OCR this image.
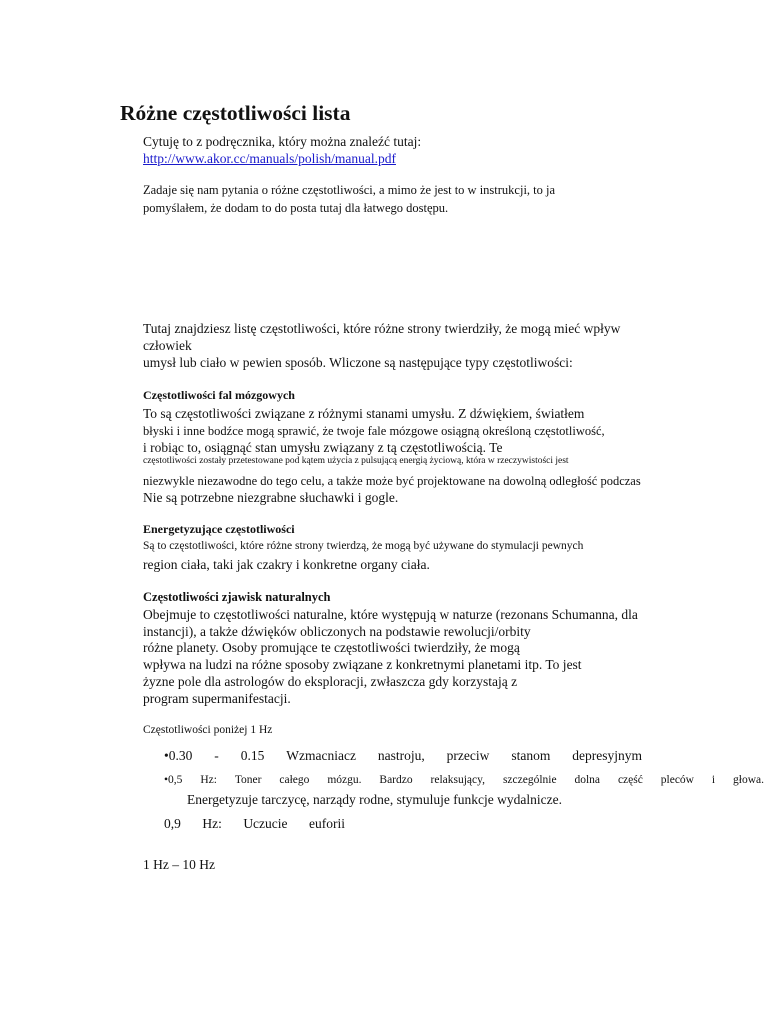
Różne częstotliwości lista
Cytuję to z podręcznika, który można znaleźć tutaj:
http://www.akor.cc/manuals/polish/manual.pdf
Zadaje się nam pytania o różne częstotliwości, a mimo że jest to w instrukcji, to ja
pomyślałem, że dodam to do posta tutaj dla łatwego dostępu.
Tutaj znajdziesz listę częstotliwości, które różne strony twierdziły, że mogą mieć wpływ
człowiek
umysł lub ciało w pewien sposób. Wliczone są następujące typy częstotliwości:
Częstotliwości fal mózgowych
To są częstotliwości związane z różnymi stanami umysłu. Z dźwiękiem, światłem
błyski i inne bodźce mogą sprawić, że twoje fale mózgowe osiągną określoną częstotliwość,
i robiąc to, osiągnąć stan umysłu związany z tą częstotliwością. Te
częstotliwości zostały przetestowane pod kątem użycia z pulsującą energią życiową, która w rzeczywistości jest
niezwykle niezawodne do tego celu, a także może być projektowane na dowolną odległość podczas
Nie są potrzebne niezgrabne słuchawki i gogle.
Energetyzujące częstotliwości
Są to częstotliwości, które różne strony twierdzą, że mogą być używane do stymulacji pewnych
region ciała, taki jak czakry i konkretne organy ciała.
Częstotliwości zjawisk naturalnych
Obejmuje to częstotliwości naturalne, które występują w naturze (rezonans Schumanna, dla
instancji), a także dźwięków obliczonych na podstawie rewolucji/orbity
różne planety. Osoby promujące te częstotliwości twierdziły, że mogą
wpływa na ludzi na różne sposoby związane z konkretnymi planetami itp. To jest
żyzne pole dla astrologów do eksploracji, zwłaszcza gdy korzystają z
program supermanifestacji.
Częstotliwości poniżej 1 Hz
•0.30 - 0.15 Wzmacniacz nastroju, przeciw stanom depresyjnym
•0,5 Hz: Toner całego mózgu. Bardzo relaksujący, szczególnie dolna część pleców i głowa.
Energetyzuje tarczycę, narządy rodne, stymuluje funkcje wydalnicze.
0,9 Hz: Uczucie euforii
1 Hz – 10 Hz
